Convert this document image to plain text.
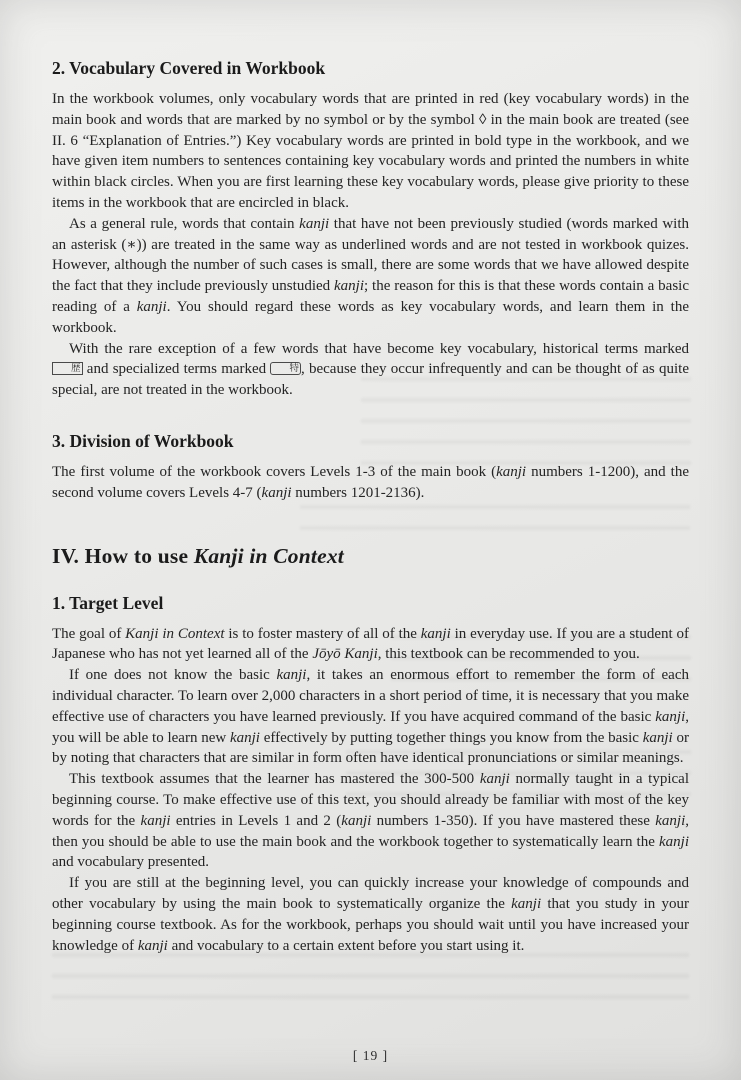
2. Vocabulary Covered in Workbook

In the workbook volumes, only vocabulary words that are printed in red (key vocabulary words) in the main book and words that are marked by no symbol or by the symbol ◊ in the main book are treated (see II. 6 “Explanation of Entries.”) Key vocabulary words are printed in bold type in the workbook, and we have given item numbers to sentences containing key vocabulary words and printed the numbers in white within black circles. When you are first learning these key vocabulary words, please give priority to these items in the workbook that are encircled in black.

As a general rule, words that contain kanji that have not been previously studied (words marked with an asterisk (∗)) are treated in the same way as underlined words and are not tested in workbook quizes. However, although the number of such cases is small, there are some words that we have allowed despite the fact that they include previously unstudied kanji; the reason for this is that these words contain a basic reading of a kanji. You should regard these words as key vocabulary words, and learn them in the workbook.

With the rare exception of a few words that have become key vocabulary, historical terms marked 歴 and specialized terms marked 特 , because they occur infrequently and can be thought of as quite special, are not treated in the workbook.

3. Division of Workbook

The first volume of the workbook covers Levels 1-3 of the main book (kanji numbers 1-1200), and the second volume covers Levels 4-7 (kanji numbers 1201-2136).

IV. How to use Kanji in Context
1. Target Level

The goal of Kanji in Context is to foster mastery of all of the kanji in everyday use. If you are a student of Japanese who has not yet learned all of the Jōyō Kanji, this textbook can be recommended to you.

If one does not know the basic kanji, it takes an enormous effort to remember the form of each individual character. To learn over 2,000 characters in a short period of time, it is necessary that you make effective use of characters you have learned previously. If you have acquired command of the basic kanji, you will be able to learn new kanji effectively by putting together things you know from the basic kanji or by noting that characters that are similar in form often have identical pronunciations or similar meanings.

This textbook assumes that the learner has mastered the 300-500 kanji normally taught in a typical beginning course. To make effective use of this text, you should already be familiar with most of the key words for the kanji entries in Levels 1 and 2 (kanji numbers 1-350). If you have mastered these kanji, then you should be able to use the main book and the workbook together to systematically learn the kanji and vocabulary presented.

If you are still at the beginning level, you can quickly increase your knowledge of compounds and other vocabulary by using the main book to systematically organize the kanji that you study in your beginning course textbook. As for the workbook, perhaps you should wait until you have increased your knowledge of kanji and vocabulary to a certain extent before you start using it.

[ 19 ]
